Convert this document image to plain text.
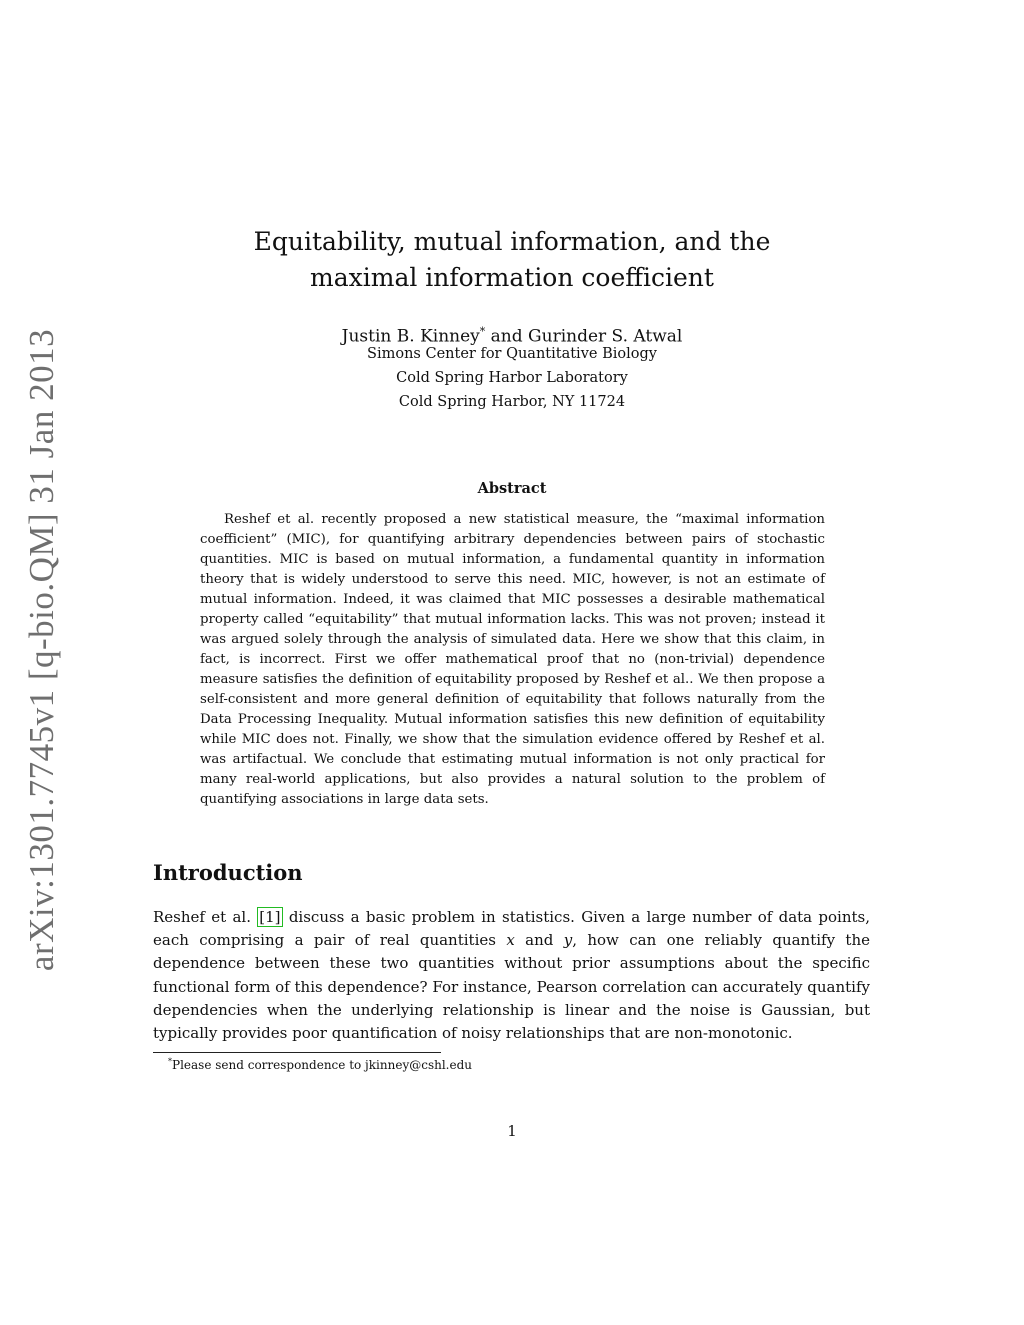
arXiv:1301.7745v1 [q-bio.QM] 31 Jan 2013
Equitability, mutual information, and the
maximal information coefficient
Justin B. Kinney* and Gurinder S. Atwal
Simons Center for Quantitative Biology
Cold Spring Harbor Laboratory
Cold Spring Harbor, NY 11724
Abstract

Reshef et al. recently proposed a new statistical measure, the “maximal information coefficient” (MIC), for quantifying arbitrary dependencies between pairs of stochastic quantities. MIC is based on mutual information, a fundamental quantity in information theory that is widely understood to serve this need. MIC, however, is not an estimate of mutual information. Indeed, it was claimed that MIC possesses a desirable mathematical property called “equitability” that mutual information lacks. This was not proven; instead it was argued solely through the analysis of simulated data. Here we show that this claim, in fact, is incorrect. First we offer mathematical proof that no (non-trivial) dependence measure satisfies the definition of equitability proposed by Reshef et al.. We then propose a self-consistent and more general definition of equitability that follows naturally from the Data Processing Inequality. Mutual information satisfies this new definition of equitability while MIC does not. Finally, we show that the simulation evidence offered by Reshef et al. was artifactual. We conclude that estimating mutual information is not only practical for many real-world applications, but also provides a natural solution to the problem of quantifying associations in large data sets.

Introduction

Reshef et al. [1] discuss a basic problem in statistics. Given a large number of data points, each comprising a pair of real quantities x and y, how can one reliably quantify the dependence between these two quantities without prior assumptions about the specific functional form of this dependence? For instance, Pearson correlation can accurately quantify dependencies when the underlying relationship is linear and the noise is Gaussian, but typically provides poor quantification of noisy relationships that are non-monotonic.

*Please send correspondence to jkinney@cshl.edu
1
